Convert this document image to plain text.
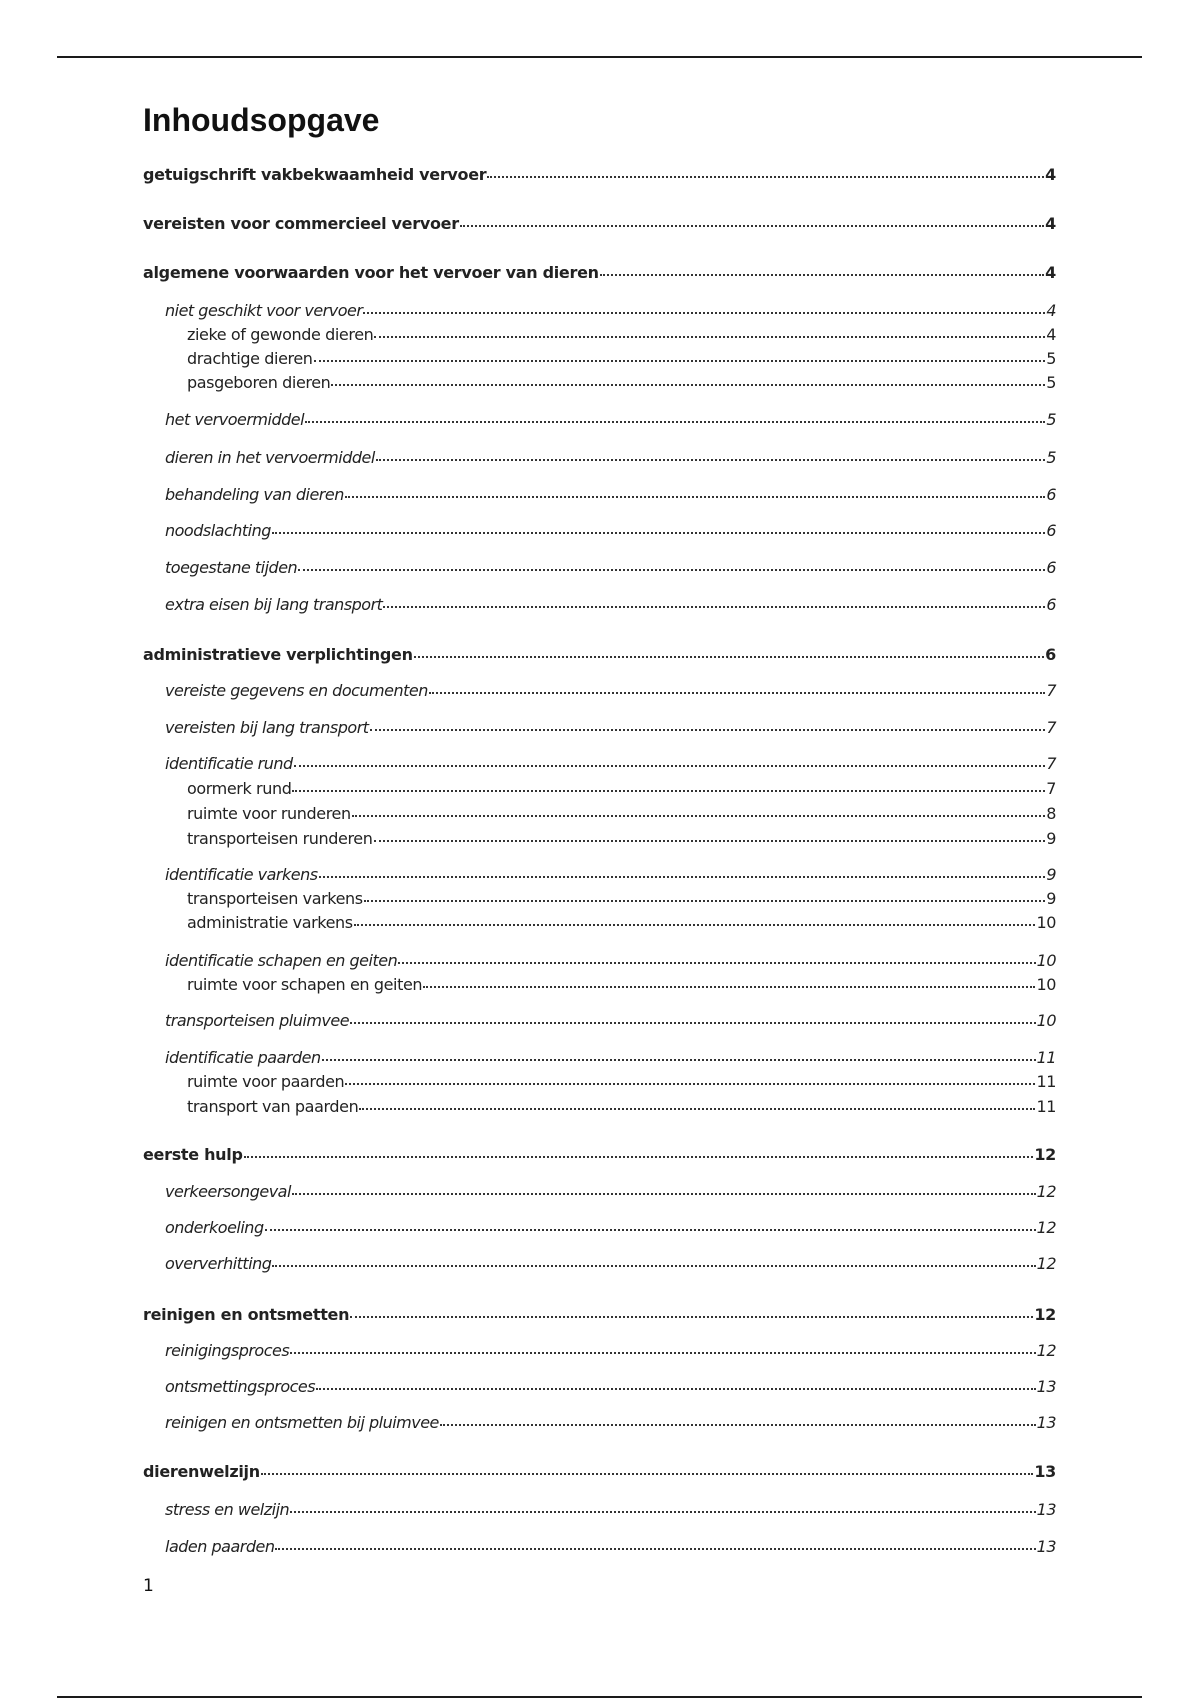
Inhoudsopgave
getuigschrift vakbekwaamheid vervoer	4
vereisten voor commercieel vervoer	4
algemene voorwaarden voor het vervoer van dieren	4
niet geschikt voor vervoer	4
zieke of gewonde dieren	4
drachtige dieren	5
pasgeboren dieren	5
het vervoermiddel	5
dieren in het vervoermiddel	5
behandeling van dieren	6
noodslachting	6
toegestane tijden	6
extra eisen bij lang transport	6
administratieve verplichtingen	6
vereiste gegevens en documenten	7
vereisten bij lang transport	7
identificatie rund	7
oormerk rund	7
ruimte voor runderen	8
transporteisen runderen	9
identificatie varkens	9
transporteisen varkens	9
administratie varkens	10
identificatie schapen en geiten	10
ruimte voor schapen en geiten	10
transporteisen pluimvee	10
identificatie paarden	11
ruimte voor paarden	11
transport van paarden	11
eerste hulp	12
verkeersongeval	12
onderkoeling	12
oververhitting	12
reinigen en ontsmetten	12
reinigingsproces	12
ontsmettingsproces	13
reinigen en ontsmetten bij pluimvee	13
dierenwelzijn	13
stress en welzijn	13
laden paarden	13
1
